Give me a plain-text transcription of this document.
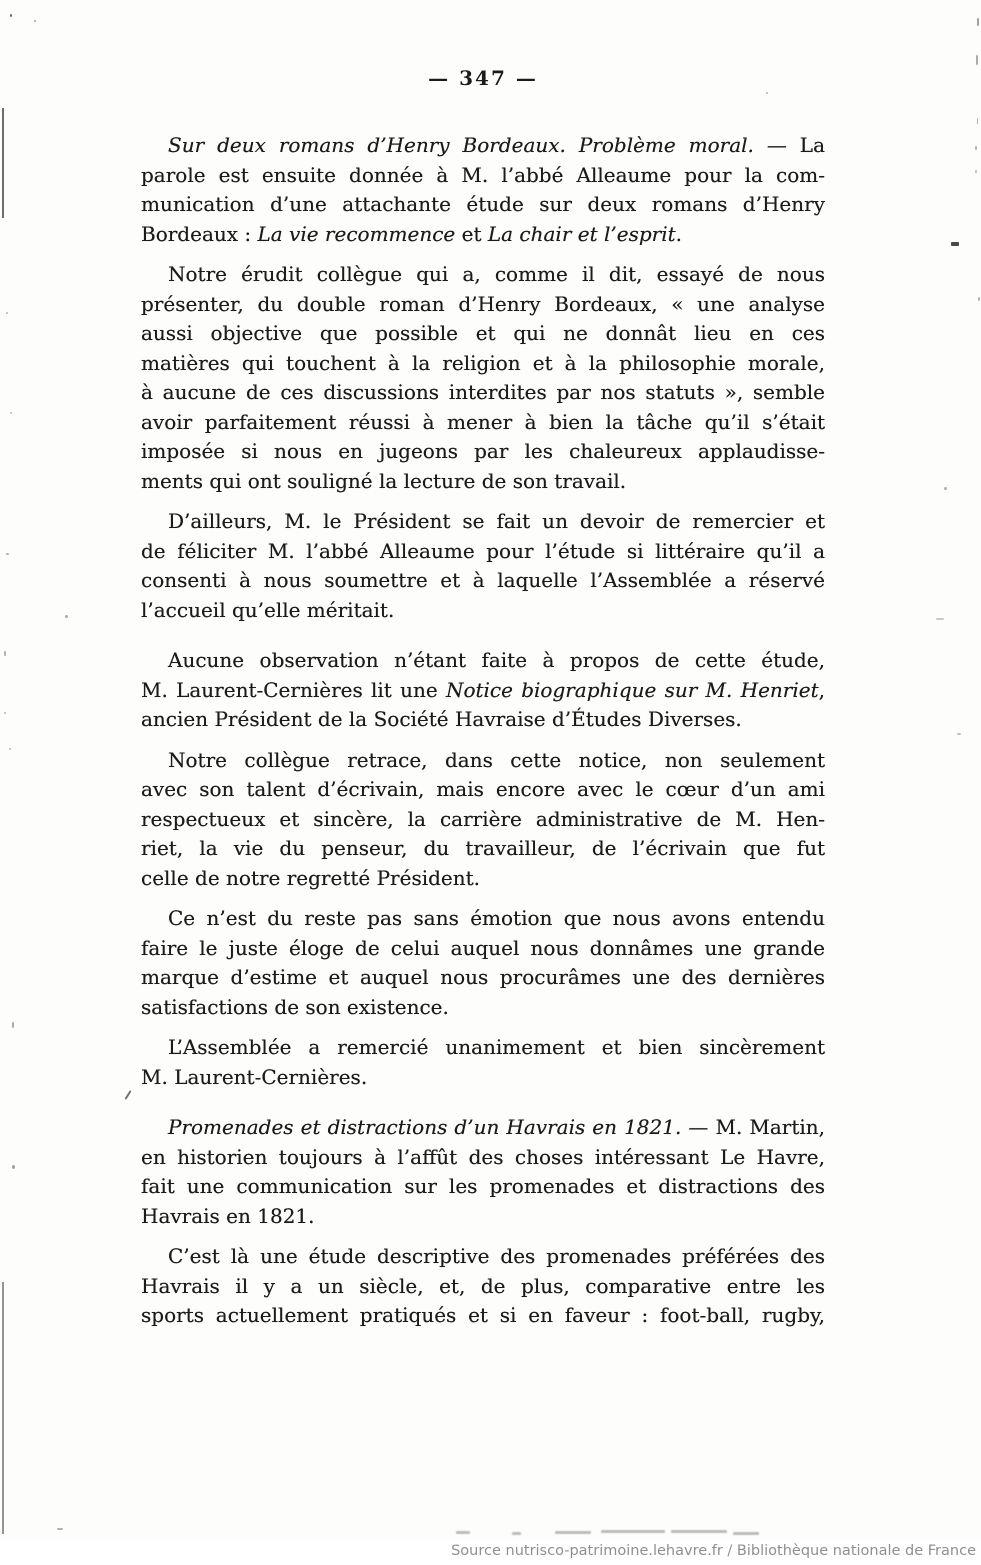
— 347 —

Sur deux romans d’Henry Bordeaux. Problème moral. — La
parole est ensuite donnée à M. l’abbé Alleaume pour la com-
munication d’une attachante étude sur deux romans d’Henry
Bordeaux : La vie recommence et La chair et l’esprit.

Notre érudit collègue qui a, comme il dit, essayé de nous
présenter, du double roman d’Henry Bordeaux, « une analyse
aussi objective que possible et qui ne donnât lieu en ces
matières qui touchent à la religion et à la philosophie morale,
à aucune de ces discussions interdites par nos statuts », semble
avoir parfaitement réussi à mener à bien la tâche qu’il s’était
imposée si nous en jugeons par les chaleureux applaudisse-
ments qui ont souligné la lecture de son travail.

D’ailleurs, M. le Président se fait un devoir de remercier et
de féliciter M. l’abbé Alleaume pour l’étude si littéraire qu’il a
consenti à nous soumettre et à laquelle l’Assemblée a réservé
l’accueil qu’elle méritait.

Aucune observation n’étant faite à propos de cette étude,
M. Laurent-Cernières lit une Notice biographique sur M. Henriet,
ancien Président de la Société Havraise d’Études Diverses.

Notre collègue retrace, dans cette notice, non seulement
avec son talent d’écrivain, mais encore avec le cœur d’un ami
respectueux et sincère, la carrière administrative de M. Hen-
riet, la vie du penseur, du travailleur, de l’écrivain que fut
celle de notre regretté Président.

Ce n’est du reste pas sans émotion que nous avons entendu
faire le juste éloge de celui auquel nous donnâmes une grande
marque d’estime et auquel nous procurâmes une des dernières
satisfactions de son existence.

L’Assemblée a remercié unanimement et bien sincèrement
M. Laurent-Cernières.

Promenades et distractions d’un Havrais en 1821. — M. Martin,
en historien toujours à l’affût des choses intéressant Le Havre,
fait une communication sur les promenades et distractions des
Havrais en 1821.

C’est là une étude descriptive des promenades préférées des
Havrais il y a un siècle, et, de plus, comparative entre les
sports actuellement pratiqués et si en faveur : foot-ball, rugby,

Source nutrisco-patrimoine.lehavre.fr / Bibliothèque nationale de France
